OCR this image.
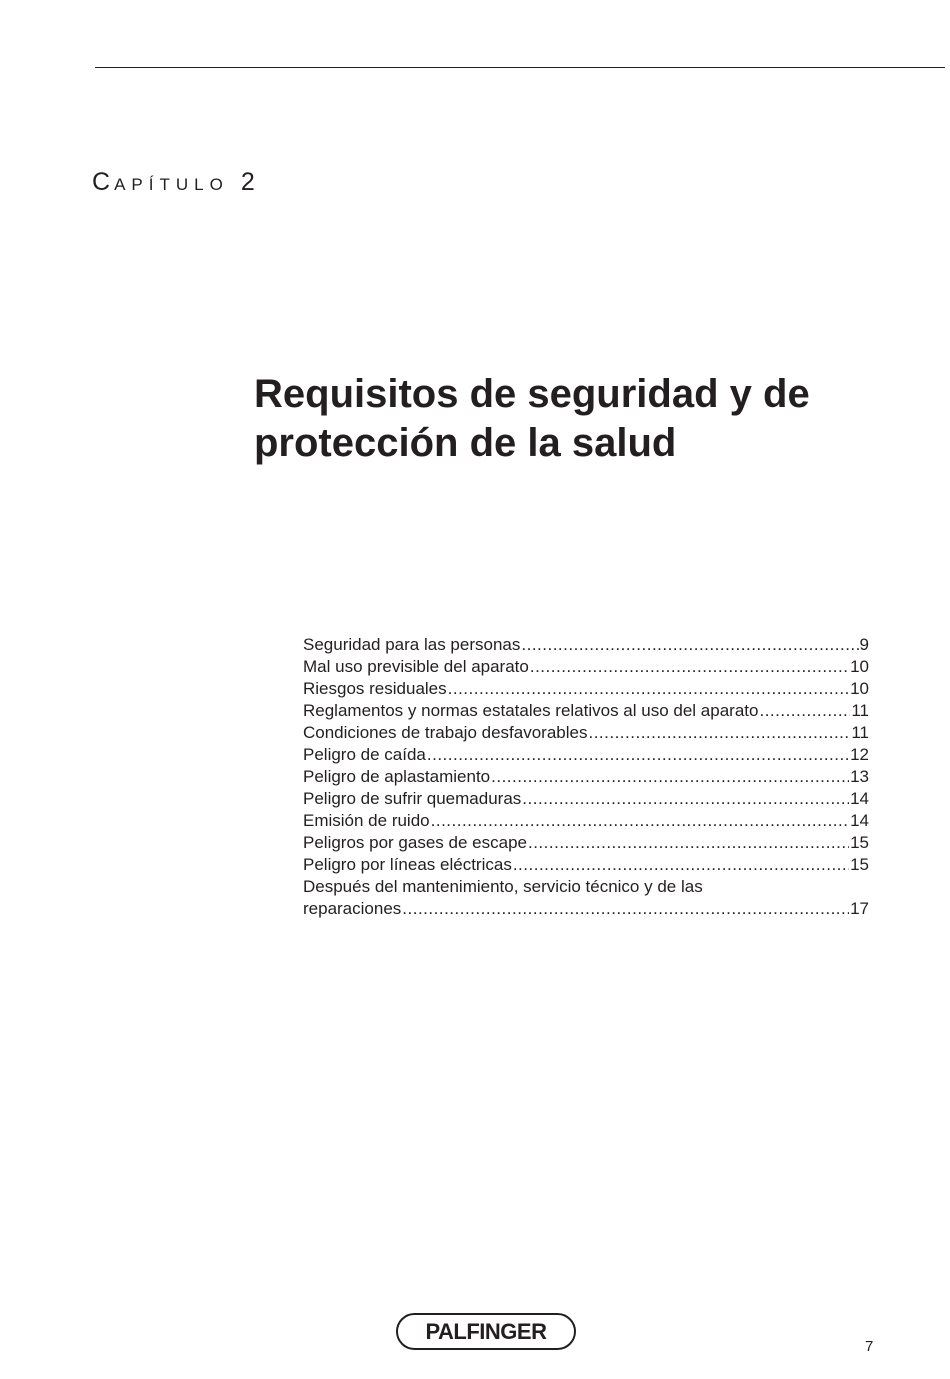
CAPÍTULO 2
Requisitos de seguridad y de protección de la salud
Seguridad para las personas .....	9
Mal uso previsible del aparato .....	10
Riesgos residuales .....	10
Reglamentos y normas estatales relativos al uso del aparato .....	11
Condiciones de trabajo desfavorables .....	11
Peligro de caída .....	12
Peligro de aplastamiento .....	13
Peligro de sufrir quemaduras .....	14
Emisión de ruido .....	14
Peligros por gases de escape .....	15
Peligro por líneas eléctricas .....	15
Después del mantenimiento, servicio técnico y de las
reparaciones .....	17
PALFINGER
7
